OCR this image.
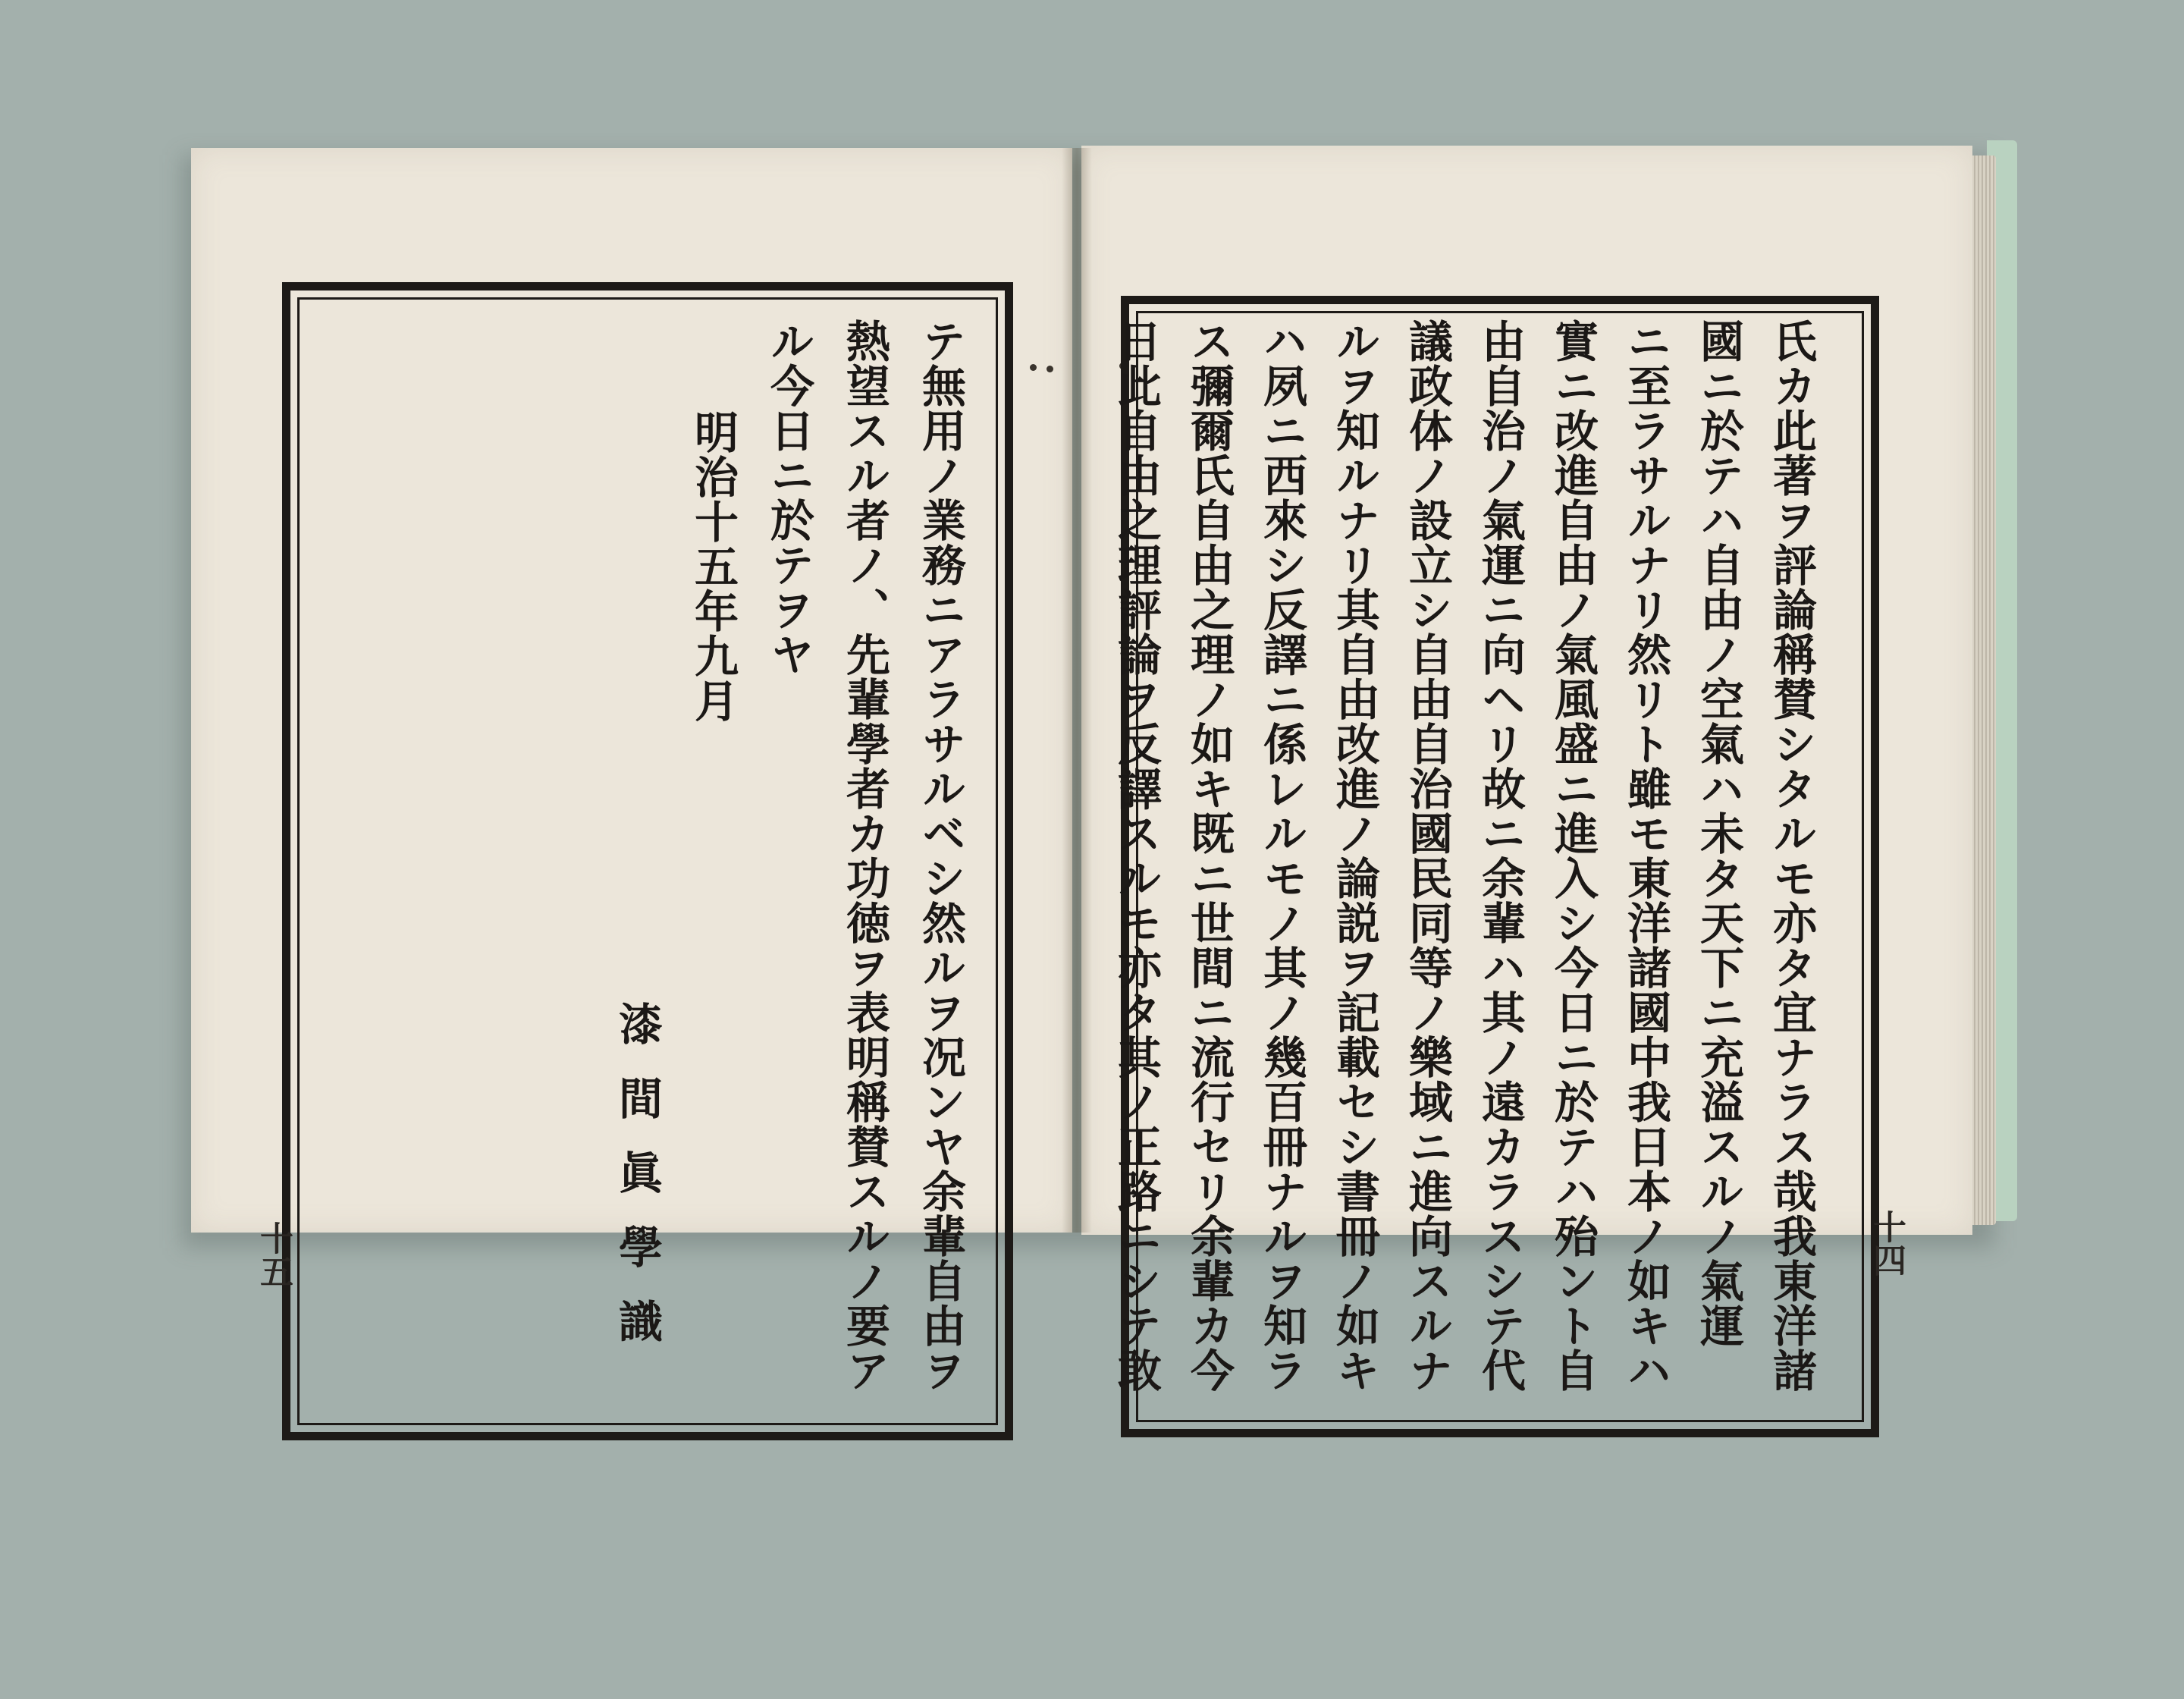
氏カ此著ヲ評論稱賛シタルモ亦タ宜ナラス哉我東洋諸
國ニ於テハ自由ノ空氣ハ未タ天下ニ充溢スルノ氣運
ニ至ラサルナリ然リト雖モ東洋諸國中我日本ノ如キハ
實ニ改進自由ノ氣風盛ニ進入シ今日ニ於テハ殆ント自
由自治ノ氣運ニ向ヘリ故ニ余輩ハ其ノ遠カラスシテ代
議政体ノ設立シ自由自治國民同等ノ樂域ニ進向スルナ
ルヲ知ルナリ其自由改進ノ論説ヲ記載セシ書冊ノ如キ
ハ夙ニ西來シ反譯ニ係レルモノ其ノ幾百冊ナルヲ知ラ
ス彌爾氏自由之理ノ如キ既ニ世間ニ流行セリ余輩カ今
日此自由之理評論ヲ反譯スルモ亦タ其ノ正路ニシテ敢
テ無用ノ業務ニアラサルベシ然ルヲ况ンヤ余輩自由ヲ
熱望スル者ノ、先輩學者カ功徳ヲ表明稱賛スルノ要ア
ル今日ニ於テヲヤ
明治十五年九月
漆間眞學識
十五	十四
